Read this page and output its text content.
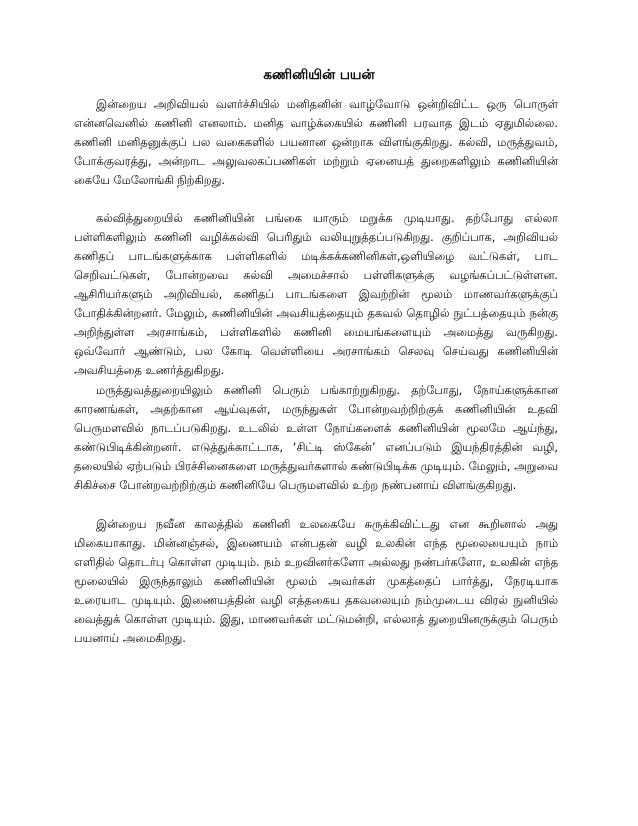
கணினியின் பயன்

இன்றைய அறிவியல் வளர்ச்சியில் மனிதனின் வாழ்வோடு ஒன்றிவிட்ட ஒரு பொருள் என்னவெனில் கணினி எனலாம். மனித வாழ்க்கையில் கணினி பரவாத இடம் ஏதுமில்லை. கணினி மனிதனுக்குப் பல வகைகளில் பயனான ஒன்றாக விளங்குகிறது. கல்வி, மருத்துவம், போக்குவரத்து, அன்றாட அலுவலகப்பணிகள் மற்றும் ஏனையத் துறைகளிலும் கணினியின் கையே மேலோங்கி நிற்கிறது.

கல்வித்துறையில் கணினியின் பங்கை யாரும் மறுக்க முடியாது. தற்போது எல்லா பள்ளிகளிலும் கணினி வழிக்கல்வி பெரிதும் வலியுறுத்தப்படுகிறது. குறிப்பாக, அறிவியல் கணிதப் பாடங்களுக்காக பள்ளிகளில் மடிக்கக்கணினிகள்,ஒளியிழை வட்டுகள், பாட செறிவட்டுகள், போன்றவை கல்வி அமைச்சால் பள்ளிகளுக்கு வழங்கப்பட்டுள்ளன. ஆசிரியர்களும் அறிவியல், கணிதப் பாடங்களை இவற்றின் மூலம் மாணவர்களுக்குப் போதிக்கின்றனர். மேலும், கணினியின் அவசியத்தையும் தகவல் தொழில் நுட்பத்தையும் நன்கு அறிந்துள்ள அரசாங்கம், பள்ளிகளில் கணினி மையங்களையும் அமைத்து வருகிறது. ஒவ்வோர் ஆண்டும், பல கோடி வெள்ளியை அரசாங்கம் செலவு செய்வது கணினியின் அவசியத்தை உணர்த்துகிறது.

மருத்துவத்துறையிலும் கணினி பெரும் பங்காற்றுகிறது. தற்போது, நோய்களுக்கான காரணங்கள், அதற்கான ஆய்வுகள், மருந்துகள் போன்றவற்றிற்குக் கணினியின் உதவி பெருமளவில் நாடப்படுகிறது. உடலில் உள்ள நோய்களைக் கணினியின் மூலமே ஆய்ந்து, கண்டுபிடிக்கின்றனர். எடுத்துக்காட்டாக, ‘சிட்டி ஸ்கேன்’ எனப்படும் இயந்திரத்தின் வழி, தலையில் ஏற்படும் பிரச்சினைகளை மருத்துவர்களால் கண்டுபிடிக்க முடியும். மேலும், அறுவை சிகிச்சை போன்றவற்றிற்கும் கணினியே பெருமளவில் உற்ற நண்பனாய் விளங்குகிறது.

இன்றைய நவீன காலத்தில் கணினி உலகையே சுருக்கிவிட்டது என கூறினால் அது மிகையாகாது. மின்னஞ்சல், இணையம் என்பதன் வழி உலகின் எந்த மூலையையும் நாம் எளிதில் தொடர்பு கொள்ள முடியும். நம் உறவினர்களோ அல்லது நண்பர்களோ, உலகின் எந்த மூலையில் இருந்தாலும் கணினியின் மூலம் அவர்கள் முகத்தைப் பார்த்து, நேரடியாக உரையாட முடியும். இணையத்தின் வழி எத்தகைய தகவலையும் நம்முடைய விரல் நுனியில் வைத்துக் கொள்ள முடியும். இது, மாணவர்கள் மட்டுமன்றி, எல்லாத் துறையினருக்கும் பெரும் பயனாய் அமைகிறது.
